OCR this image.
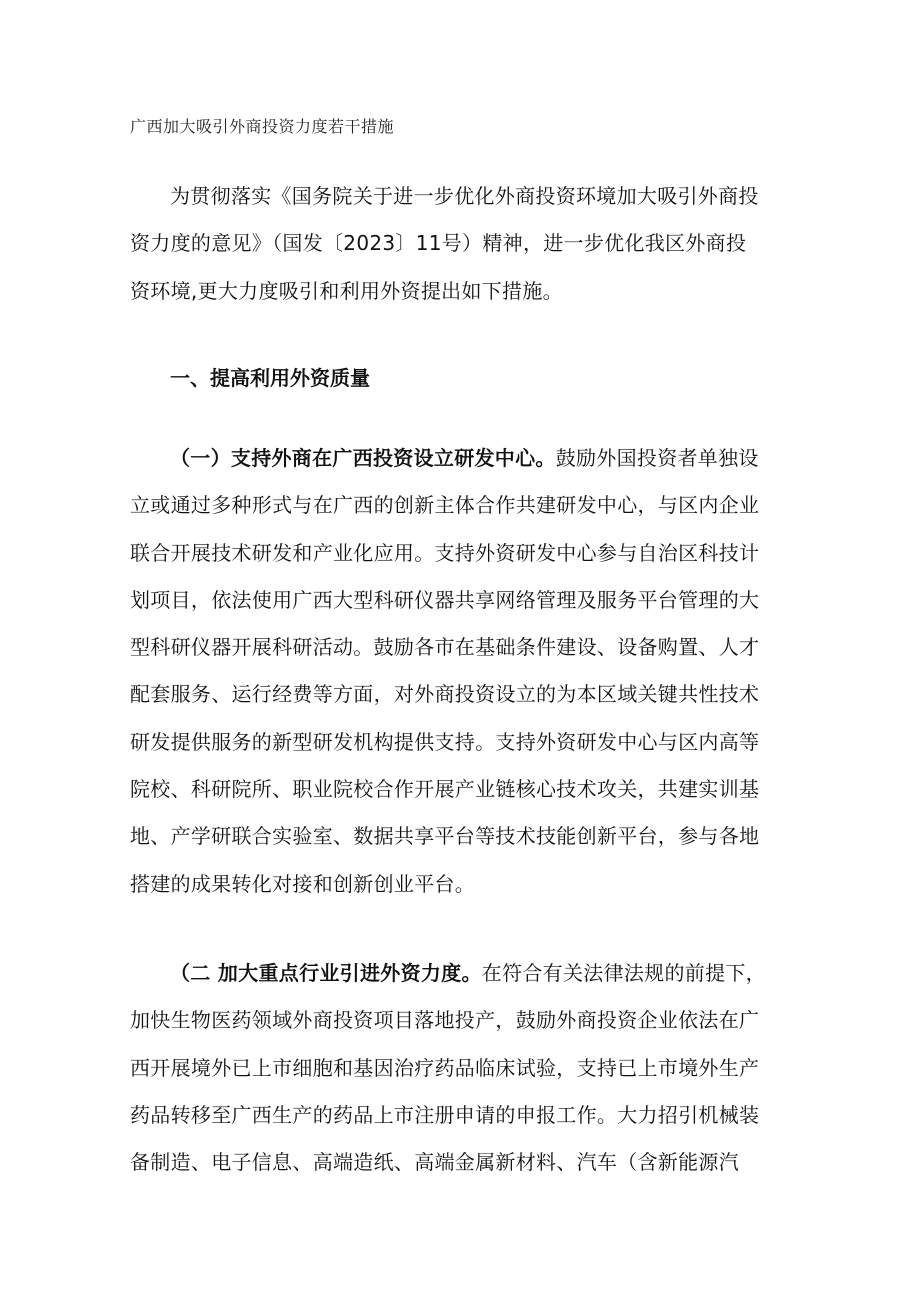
广西加大吸引外商投资力度若干措施

为贯彻落实《国务院关于进一步优化外商投资环境加大吸引外商投
资力度的意见》（国发〔2023〕11号）精神，进一步优化我区外商投
资环境,更大力度吸引和利用外资提出如下措施。

一、提高利用外资质量

（一）支持外商在广西投资设立研发中心。鼓励外国投资者单独设
立或通过多种形式与在广西的创新主体合作共建研发中心，与区内企业
联合开展技术研发和产业化应用。支持外资研发中心参与自治区科技计
划项目，依法使用广西大型科研仪器共享网络管理及服务平台管理的大
型科研仪器开展科研活动。鼓励各市在基础条件建设、设备购置、人才
配套服务、运行经费等方面，对外商投资设立的为本区域关键共性技术
研发提供服务的新型研发机构提供支持。支持外资研发中心与区内高等
院校、科研院所、职业院校合作开展产业链核心技术攻关，共建实训基
地、产学研联合实验室、数据共享平台等技术技能创新平台，参与各地
搭建的成果转化对接和创新创业平台。

（二 加大重点行业引进外资力度。在符合有关法律法规的前提下，
加快生物医药领域外商投资项目落地投产，鼓励外商投资企业依法在广
西开展境外已上市细胞和基因治疗药品临床试验，支持已上市境外生产
药品转移至广西生产的药品上市注册申请的申报工作。大力招引机械装
备制造、电子信息、高端造纸、高端金属新材料、汽车（含新能源汽
